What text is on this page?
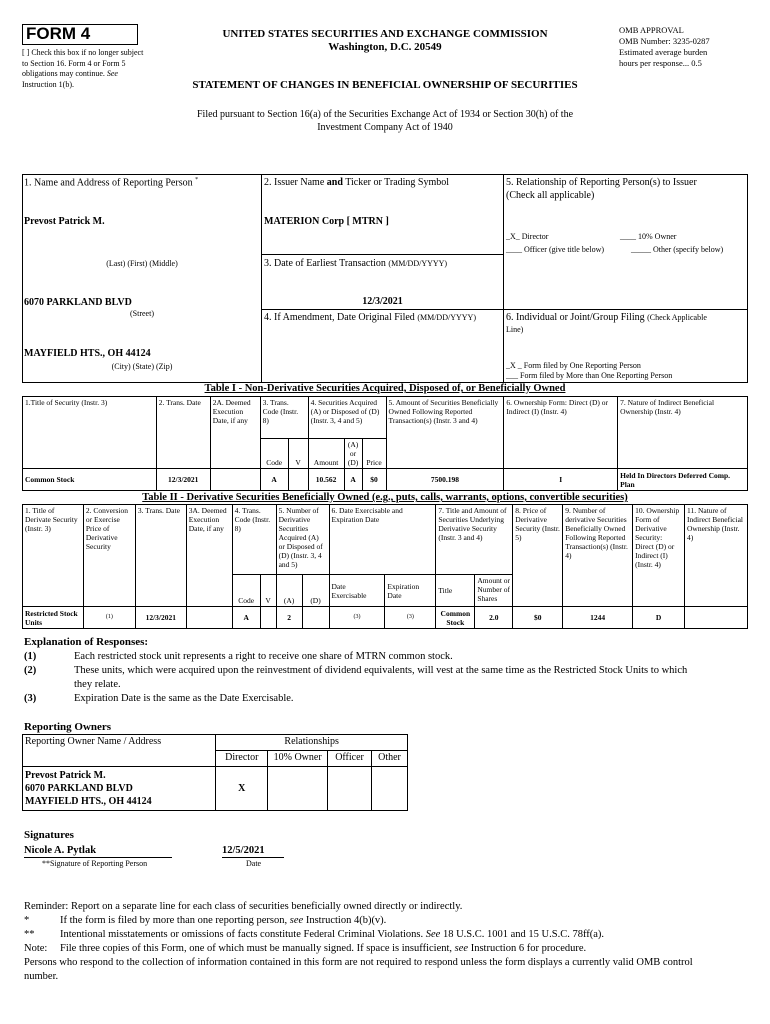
FORM 4
[ ] Check this box if no longer subject to Section 16. Form 4 or Form 5 obligations may continue. See Instruction 1(b).
UNITED STATES SECURITIES AND EXCHANGE COMMISSION
Washington, D.C. 20549
STATEMENT OF CHANGES IN BENEFICIAL OWNERSHIP OF SECURITIES
OMB APPROVAL
OMB Number: 3235-0287
Estimated average burden
hours per response... 0.5
Filed pursuant to Section 16(a) of the Securities Exchange Act of 1934 or Section 30(h) of the
Investment Company Act of 1940
1. Name and Address of Reporting Person *
Prevost Patrick M.
(Last) (First) (Middle)
6070 PARKLAND BLVD
(Street)
MAYFIELD HTS., OH 44124
(City) (State) (Zip)
2. Issuer Name and Ticker or Trading Symbol
MATERION Corp [ MTRN ]
3. Date of Earliest Transaction (MM/DD/YYYY)
12/3/2021
4. If Amendment, Date Original Filed (MM/DD/YYYY)
5. Relationship of Reporting Person(s) to Issuer
(Check all applicable)
_X_ Director	____ 10% Owner
____ Officer (give title below)	_____ Other (specify below)
6. Individual or Joint/Group Filing (Check Applicable
Line)
_X _ Form filed by One Reporting Person
___ Form filed by More than One Reporting Person
Table I - Non-Derivative Securities Acquired, Disposed of, or Beneficially Owned
1.Title of Security (Instr. 3)	2. Trans. Date	2A. Deemed Execution Date, if any	3. Trans. Code (Instr. 8)		4. Securities Acquired (A) or Disposed of (D) (Instr. 3, 4 and 5)			5. Amount of Securities Beneficially Owned Following Reported Transaction(s) (Instr. 3 and 4)	6. Ownership Form: Direct (D) or Indirect (I) (Instr. 4)	7. Nature of Indirect Beneficial Ownership (Instr. 4)
			Code	V	Amount	(A) or (D)	Price			
Common Stock	12/3/2021		A		10.562	A	$0	7500.198	I	Held In Directors Deferred Comp. Plan
Table II - Derivative Securities Beneficially Owned (e.g., puts, calls, warrants, options, convertible securities)
1. Title of Derivate Security (Instr. 3)	2. Conversion or Exercise Price of Derivative Security	3. Trans. Date	3A. Deemed Execution Date, if any	4. Trans. Code (Instr. 8)		5. Number of Derivative Securities Acquired (A) or Disposed of (D) (Instr. 3, 4 and 5)		6. Date Exercisable and Expiration Date		7. Title and Amount of Securities Underlying Derivative Security (Instr. 3 and 4)		8. Price of Derivative Security (Instr. 5)	9. Number of derivative Securities Beneficially Owned Following Reported Transaction(s) (Instr. 4)	10. Ownership Form of Derivative Security: Direct (D) or Indirect (I) (Instr. 4)	11. Nature of Indirect Beneficial Ownership (Instr. 4)
				Code	V	(A)	(D)	Date Exercisable	Expiration Date	Title	Amount or Number of Shares				
Restricted Stock Units	(1)	12/3/2021		A		2		(3)	(3)	Common Stock	2.0	$0	1244	D	
Explanation of Responses:
(1)	Each restricted stock unit represents a right to receive one share of MTRN common stock.
(2)	These units, which were acquired upon the reinvestment of dividend equivalents, will vest at the same time as the Restricted Stock Units to which
they relate.
(3)	Expiration Date is the same as the Date Exercisable.
Reporting Owners
Reporting Owner Name / Address	Relationships			
	Director	10% Owner	Officer	Other

Prevost Patrick M.
6070 PARKLAND BLVD
MAYFIELD HTS., OH 44124	X			
Signatures
Nicole A. Pytlak	12/5/2021
**Signature of Reporting Person	Date
Reminder: Report on a separate line for each class of securities beneficially owned directly or indirectly.
*	If the form is filed by more than one reporting person, see Instruction 4(b)(v).
** Intentional misstatements or omissions of facts constitute Federal Criminal Violations. See 18 U.S.C. 1001 and 15 U.S.C. 78ff(a).
Note: File three copies of this Form, one of which must be manually signed. If space is insufficient, see Instruction 6 for procedure.
Persons who respond to the collection of information contained in this form are not required to respond unless the form displays a currently valid OMB control
number.
